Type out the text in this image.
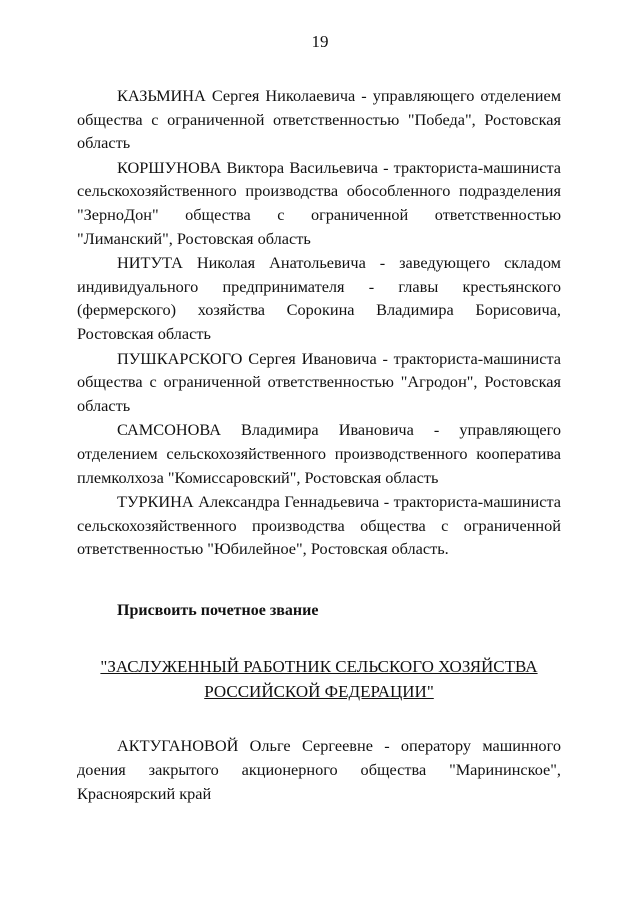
19

КАЗЬМИНА Сергея Николаевича - управляющего отделением общества с ограниченной ответственностью "Победа", Ростовская область

КОРШУНОВА Виктора Васильевича - тракториста-машиниста сельскохозяйственного производства обособленного подразделения "ЗерноДон" общества с ограниченной ответственностью "Лиманский", Ростовская область

НИТУТА Николая Анатольевича - заведующего складом индивидуального предпринимателя - главы крестьянского (фермерского) хозяйства Сорокина Владимира Борисовича, Ростовская область

ПУШКАРСКОГО Сергея Ивановича - тракториста-машиниста общества с ограниченной ответственностью "Агродон", Ростовская область

САМСОНОВА Владимира Ивановича - управляющего отделением сельскохозяйственного производственного кооператива племколхоза "Комиссаровский", Ростовская область

ТУРКИНА Александра Геннадьевича - тракториста-машиниста сельскохозяйственного производства общества с ограниченной ответственностью "Юбилейное", Ростовская область.

Присвоить почетное звание

"ЗАСЛУЖЕННЫЙ РАБОТНИК СЕЛЬСКОГО ХОЗЯЙСТВА
РОССИЙСКОЙ ФЕДЕРАЦИИ"

АКТУГАНОВОЙ Ольге Сергеевне - оператору машинного доения закрытого акционерного общества "Марининское", Красноярский край
